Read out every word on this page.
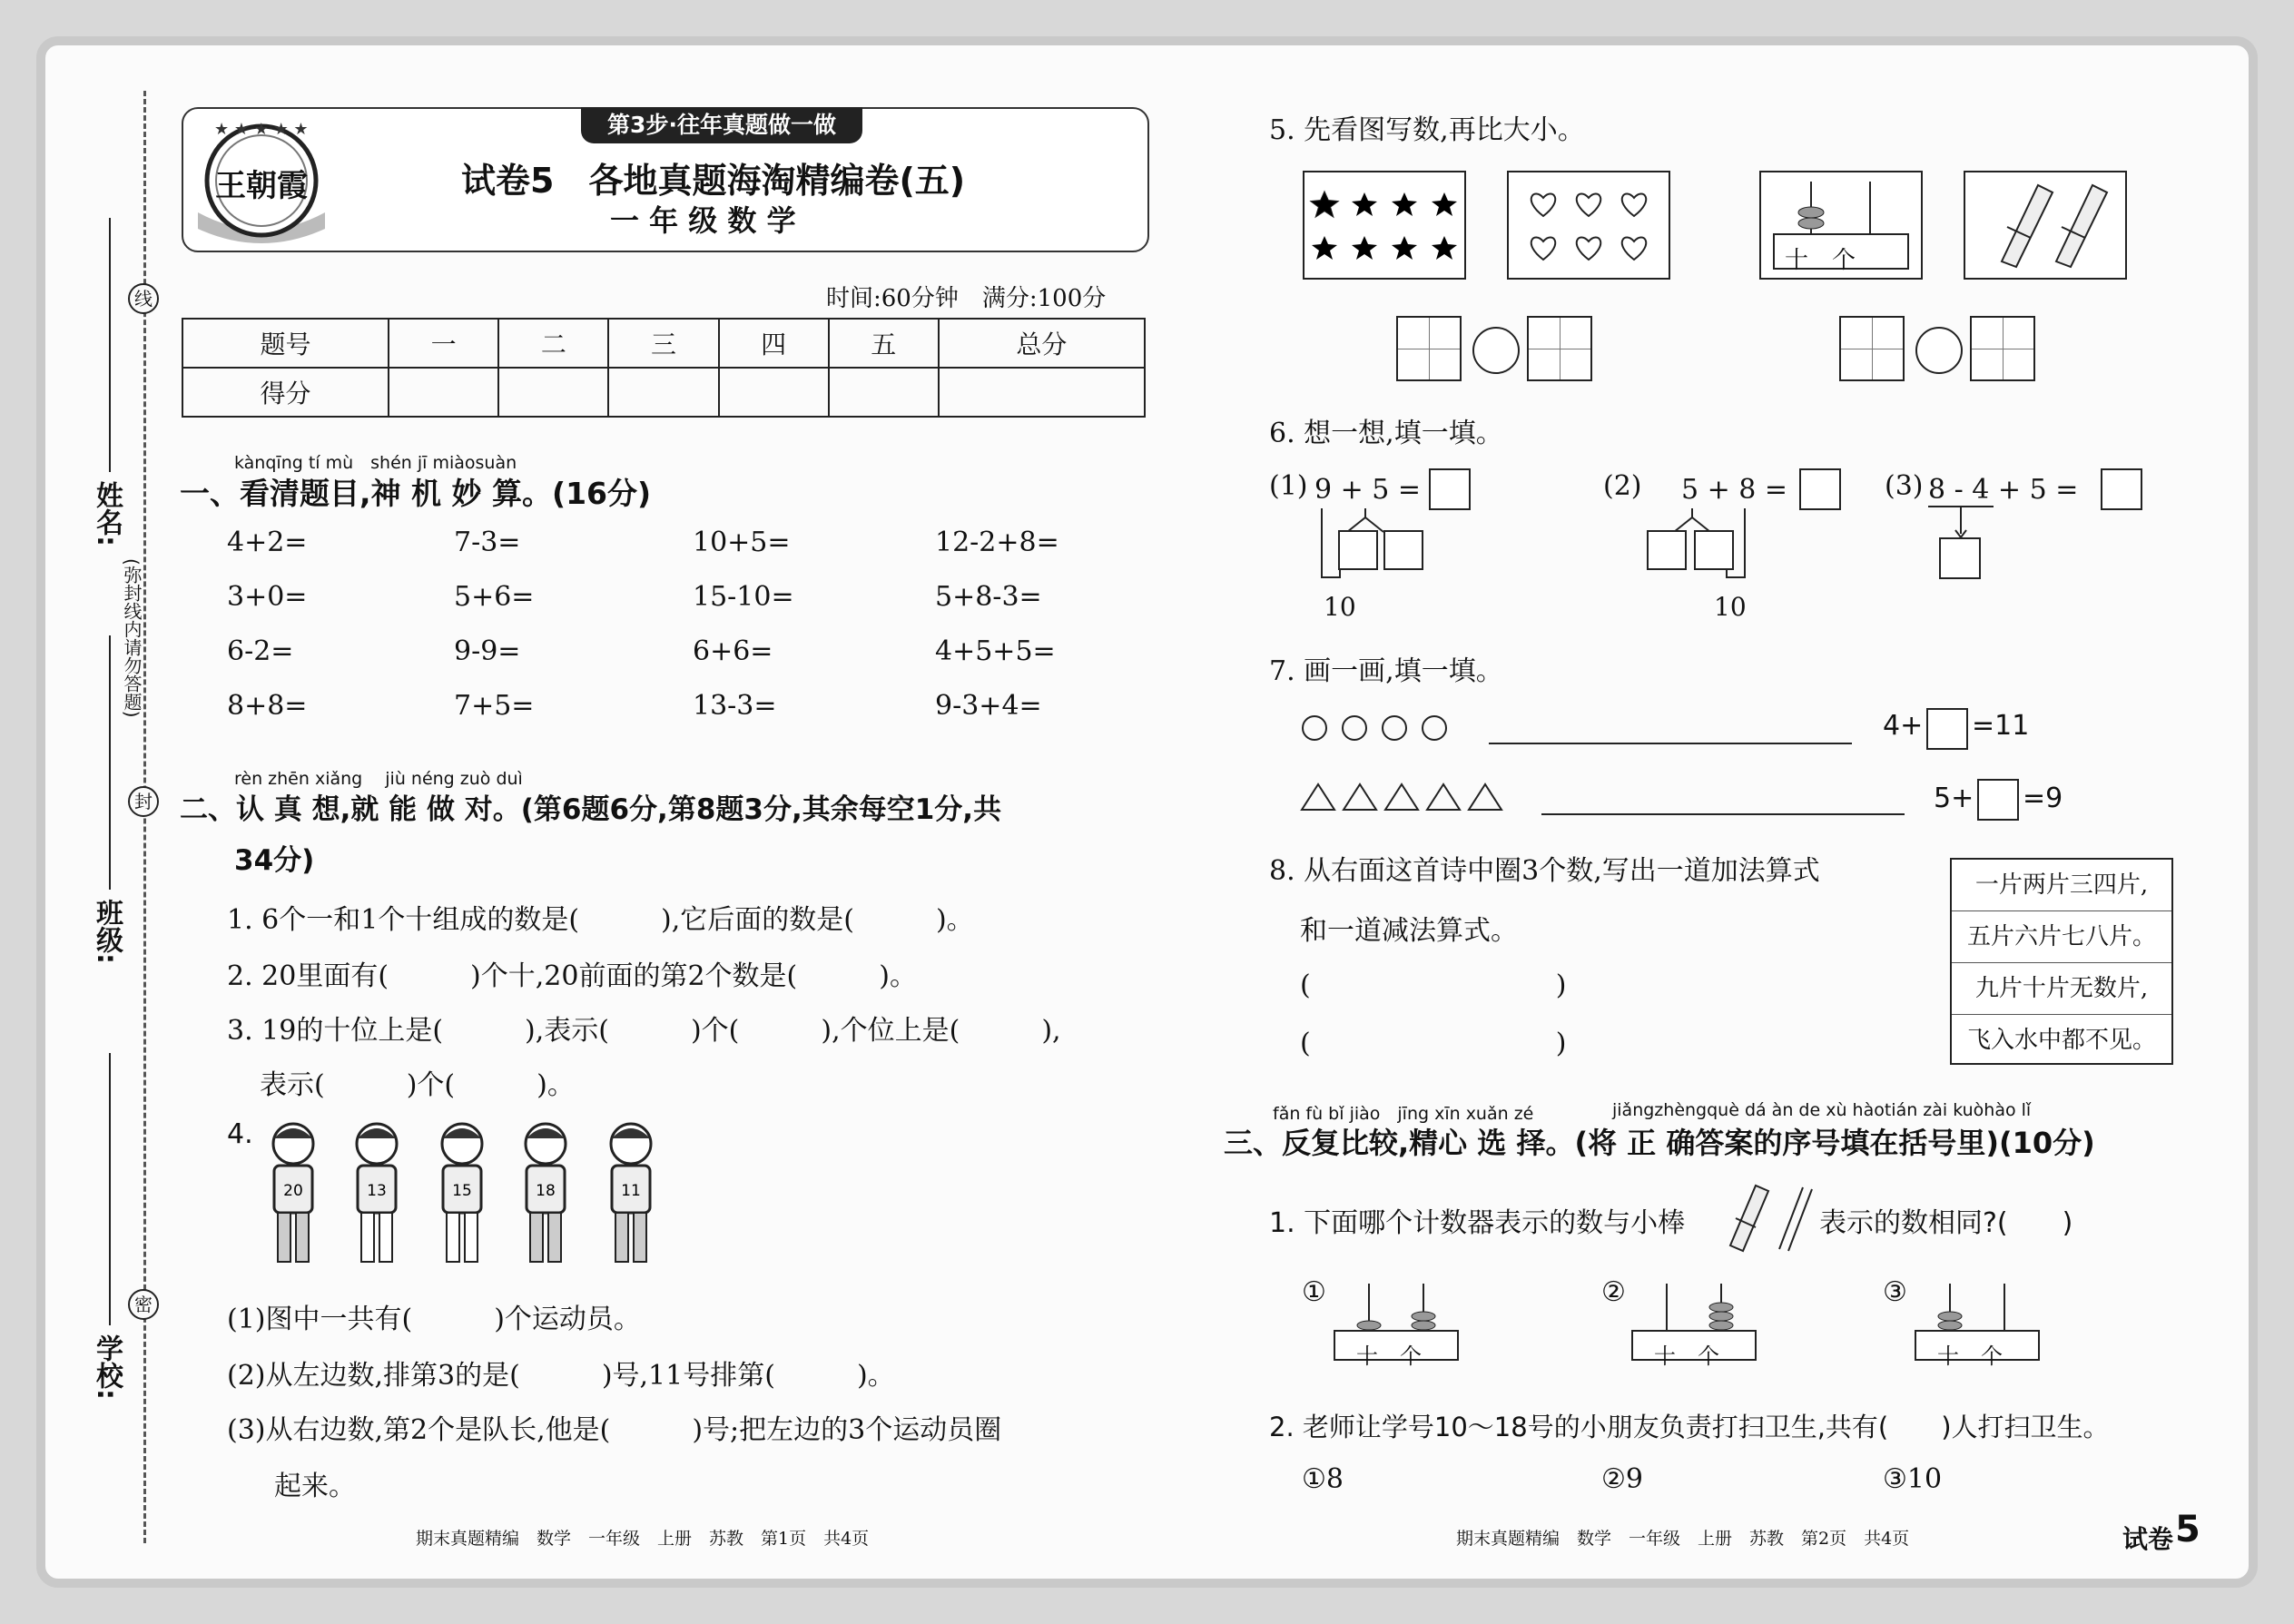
姓名:
班级:
学校:
线
封
密
(弥封线内请勿答题)
第3步·往年真题做一做
★ ★ ★ ★ ★
王朝霞	试卷5　各地真题海淘精编卷(五)
一 年 级 数 学
时间:60分钟　满分:100分
题号	一	二	三	四	五	总分
得分						
kànqīng tí mù　shén jī miàosuàn
一、看清题目,神 机 妙 算。(16分)
4+2=	7-3=	10+5=	12-2+8=
3+0=	5+6=	15-10=	5+8-3=
6-2=	9-9=	6+6=	4+5+5=
8+8=	7+5=	13-3=	9-3+4=
rèn zhēn xiǎng　 jiù néng zuò duì
二、认 真 想,就 能 做 对。(第6题6分,第8题3分,其余每空1分,共
34分)
1. 6个一和1个十组成的数是(　　　),它后面的数是(　　　)。
2. 20里面有(　　　)个十,20前面的第2个数是(　　　)。
3. 19的十位上是(　　　),表示(　　　)个(　　　),个位上是(　　　),
表示(　　　)个(　　　)。
4.
20	13	15	18	11
(1)图中一共有(　　　)个运动员。
(2)从左边数,排第3的是(　　　)号,11号排第(　　　)。
(3)从右边数,第2个是队长,他是(　　　)号;把左边的3个运动员圈
起来。
期末真题精编　数学　一年级　上册　苏教　第1页　共4页
5. 先看图写数,再比大小。
十　个
6. 想一想,填一填。
(1) 9 + 5 =
10
(2) 5 + 8 =
10
(3) 8 - 4 + 5 =
7. 画一画,填一填。
4+ =11
5+ =9
8. 从右面这首诗中圈3个数,写出一道加法算式
和一道减法算式。
(　　　　　　　　　)
(　　　　　　　　　)
一片两片三四片,
五片六片七八片。
九片十片无数片,
飞入水中都不见。
fǎn fù bǐ jiào　jīng xīn xuǎn zé	jiǎngzhèngquè dá àn de xù hàotián zài kuòhào lǐ
三、反复比较,精心 选 择。(将 正 确答案的序号填在括号里)(10分)
1. 下面哪个计数器表示的数与小棒	表示的数相同?(　　)
①
十　个
②
十　个
③
十　个
2. 老师让学号10～18号的小朋友负责打扫卫生,共有(　　)人打扫卫生。
①8	②9	③10
期末真题精编　数学　一年级　上册　苏教　第2页　共4页	试卷 5
